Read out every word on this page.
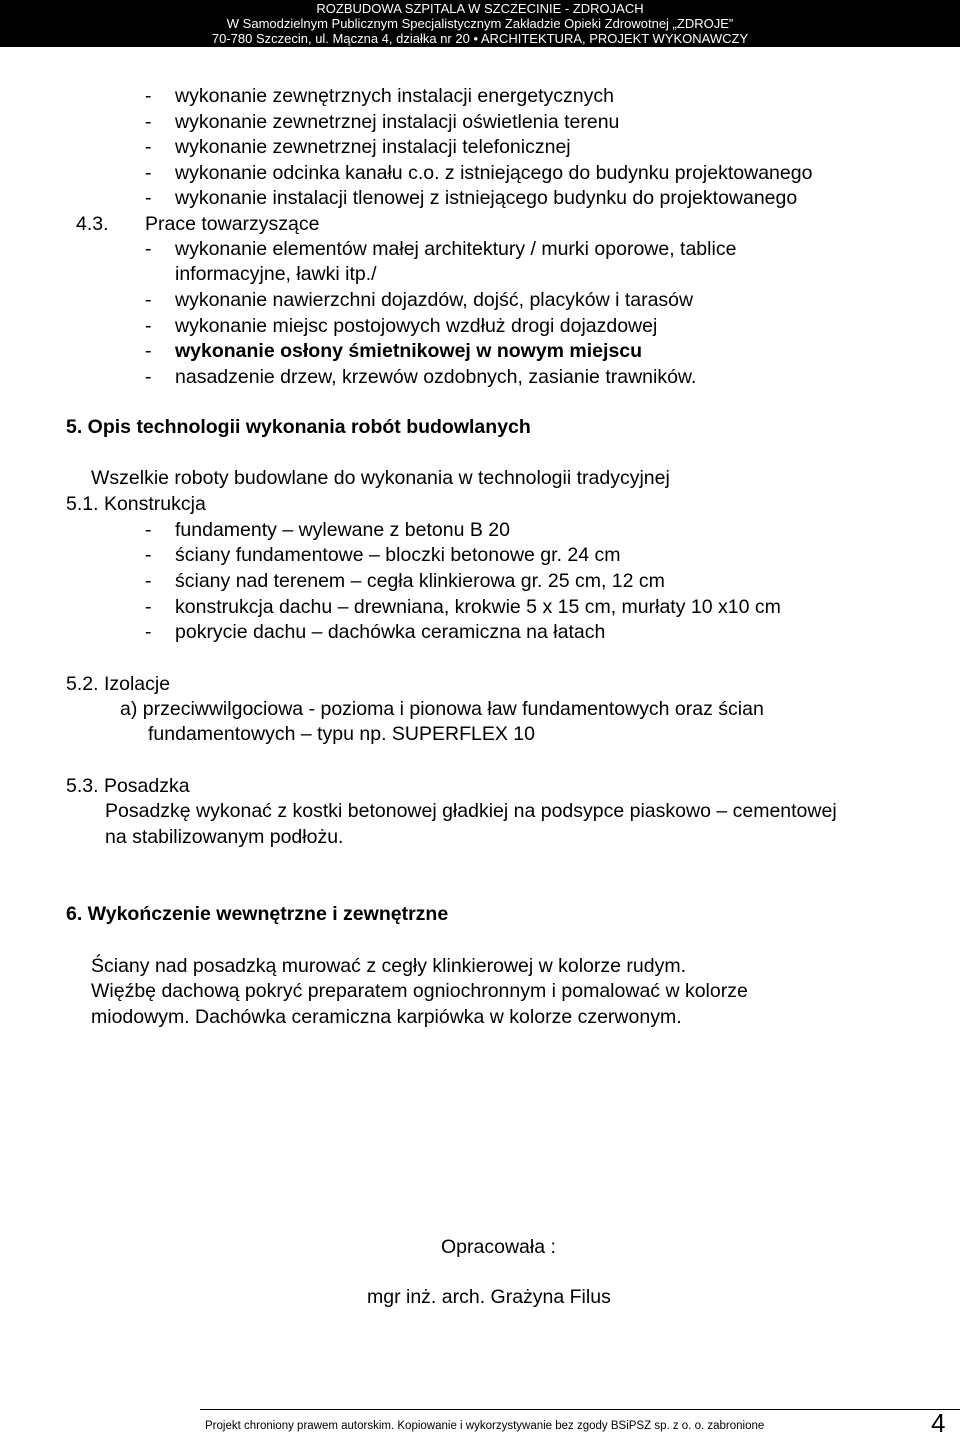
ROZBUDOWA SZPITALA W SZCZECINIE - ZDROJACH
W Samodzielnym Publicznym Specjalistycznym Zakładzie Opieki Zdrowotnej „ZDROJE”
70-780 Szczecin, ul. Mączna 4, działka nr 20 • ARCHITEKTURA, PROJEKT WYKONAWCZY
- wykonanie zewnętrznych instalacji energetycznych
- wykonanie zewnetrznej instalacji oświetlenia terenu
- wykonanie zewnetrznej instalacji telefonicznej
- wykonanie odcinka kanału c.o. z istniejącego do budynku projektowanego
- wykonanie instalacji tlenowej z istniejącego budynku do projektowanego
4.3. Prace towarzyszące
- wykonanie elementów małej architektury / murki oporowe, tablice
informacyjne, ławki itp./
- wykonanie nawierzchni dojazdów, dojść, placyków i tarasów
- wykonanie miejsc postojowych wzdłuż drogi dojazdowej
- wykonanie osłony śmietnikowej w nowym miejscu
- nasadzenie drzew, krzewów ozdobnych, zasianie trawników.
5. Opis technologii wykonania robót budowlanych
Wszelkie roboty budowlane do wykonania w technologii tradycyjnej
5.1. Konstrukcja
- fundamenty – wylewane z betonu B 20
- ściany fundamentowe – bloczki betonowe gr. 24 cm
- ściany nad terenem – cegła klinkierowa gr. 25 cm, 12 cm
- konstrukcja dachu – drewniana, krokwie 5 x 15 cm, murłaty 10 x10 cm
- pokrycie dachu – dachówka ceramiczna na łatach
5.2. Izolacje
a) przeciwwilgociowa - pozioma i pionowa ław fundamentowych oraz ścian
fundamentowych – typu np. SUPERFLEX 10
5.3. Posadzka
Posadzkę wykonać z kostki betonowej gładkiej na podsypce piaskowo – cementowej
na stabilizowanym podłożu.
6. Wykończenie wewnętrzne i zewnętrzne
Ściany nad posadzką murować z cegły klinkierowej w kolorze rudym.
Więźbę dachową pokryć preparatem ogniochronnym i pomalować w kolorze
miodowym. Dachówka ceramiczna karpiówka w kolorze czerwonym.
Opracowała :
mgr inż. arch. Grażyna Filus
Projekt chroniony prawem autorskim. Kopiowanie i wykorzystywanie bez zgody BSiPSZ sp. z o. o. zabronione	4
